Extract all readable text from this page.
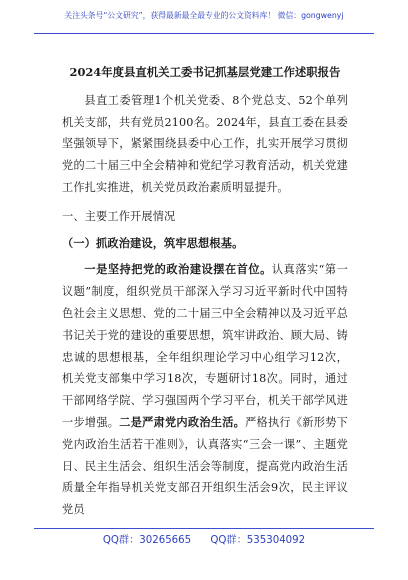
关注头条号“公文研究”，获得最新最全最专业的公文资料库！ 微信：gongwenyj
2024年度县直机关工委书记抓基层党建工作述职报告

县直工委管理1个机关党委、8个党总支、52个单列机关支部，共有党员2100名。2024年，县直工委在县委坚强领导下，紧紧围绕县委中心工作，扎实开展学习贯彻党的二十届三中全会精神和党纪学习教育活动，机关党建工作扎实推进，机关党员政治素质明显提升。

一、主要工作开展情况

（一）抓政治建设，筑牢思想根基。

一是坚持把党的政治建设摆在首位。认真落实“第一议题”制度，组织党员干部深入学习习近平新时代中国特色社会主义思想、党的二十届三中全会精神以及习近平总书记关于党的建设的重要思想，筑牢讲政治、顾大局、铸忠诚的思想根基，全年组织理论学习中心组学习12次，机关党支部集中学习18次，专题研讨18次。同时，通过干部网络学院、学习强国两个学习平台，机关干部学风进一步增强。二是严肃党内政治生活。严格执行《新形势下党内政治生活若干准则》，认真落实“三会一课”、主题党日、民主生活会、组织生活会等制度，提高党内政治生活质量全年指导机关党支部召开组织生活会9次，民主评议党员

QQ群：30265665 QQ群：535304092
